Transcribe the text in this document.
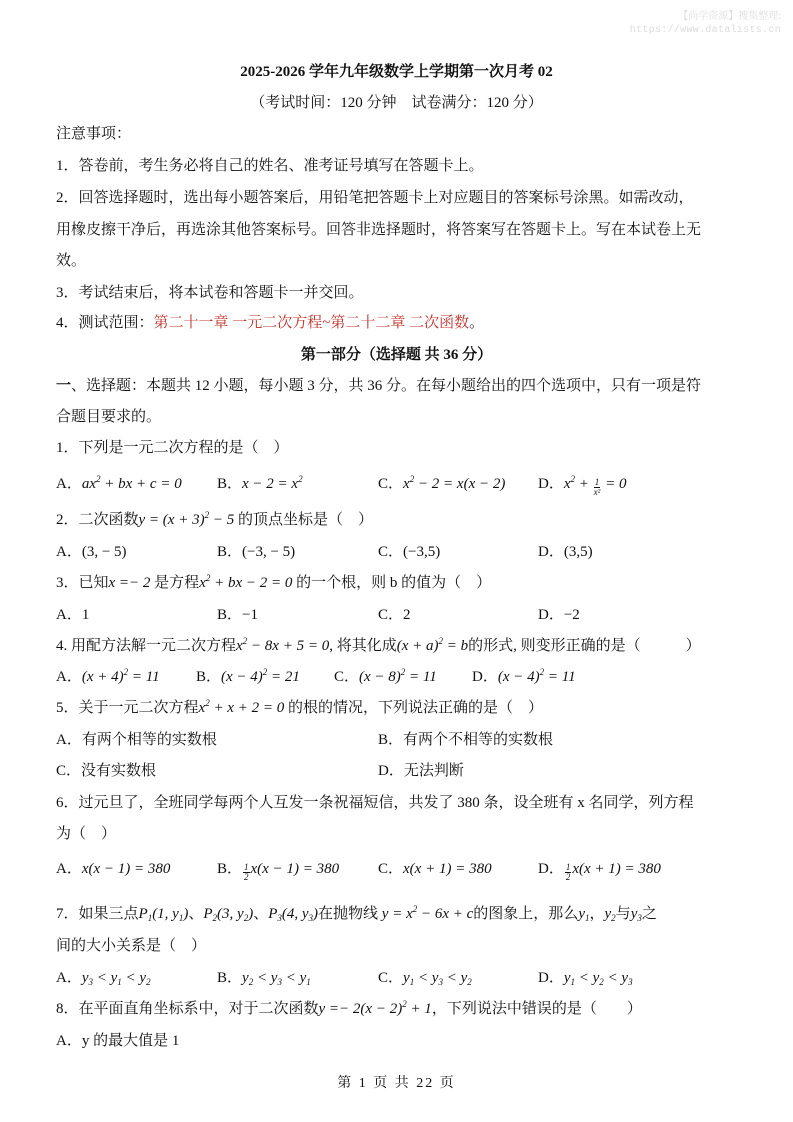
【尚学资源】搜集整理:
https://www.datalists.cn
2025-2026 学年九年级数学上学期第一次月考 02
（考试时间：120 分钟　试卷满分：120 分）
注意事项：
1．答卷前，考生务必将自己的姓名、准考证号填写在答题卡上。
2．回答选择题时，选出每小题答案后，用铅笔把答题卡上对应题目的答案标号涂黑。如需改动，
用橡皮擦干净后，再选涂其他答案标号。回答非选择题时，将答案写在答题卡上。写在本试卷上无
效。
3．考试结束后，将本试卷和答题卡一并交回。
4．测试范围：第二十一章 一元二次方程~第二十二章 二次函数。
第一部分（选择题 共 36 分）
一、选择题：本题共 12 小题，每小题 3 分，共 36 分。在每小题给出的四个选项中，只有一项是符
合题目要求的。
1．下列是一元二次方程的是（　）
A．$ax^2$ + bx + c = 0 B．$x - 2 = x^2$	C．$x^2 - 2 = x(x - 2)$ D．$x^2 + \frac{1}{\text{x²}} = 0$
2．二次函数$y = (x + 3)^2 - 5$ 的顶点坐标是（　）
A．(3, − 5)	B．(−3, − 5)	C．(−3,5)	D．(3,5)
3．已知x =− 2 是方程$x^2$ + bx − 2 = 0 的一个根，则 b 的值为（　）
A．1	B．−1	C．2	D．−2
4. 用配方法解一元二次方程$x^2 - 8x + 5 = 0$, 将其化成$(x + a)^2 = b$的形式, 则变形正确的是（　　　）
A．$(x + 4)^2 = 11$ B．$(x - 4)^2 = 21$ C．$(x - 8)^2 = 11$ D．$(x - 4)^2 = 11$
5．关于一元二次方程$x^2 + x + 2 = 0$ 的根的情况，下列说法正确的是（　）
A．有两个相等的实数根	B．有两个不相等的实数根
C．没有实数根	D．无法判断
6．过元旦了，全班同学每两个人互发一条祝福短信，共发了 380 条，设全班有 x 名同学，列方程
为（　）
A．x(x − 1) = 380	B． $\frac{1}{2} x(x - 1) = 380$	C．x(x + 1) = 380	D． $\frac{1}{2} x(x + 1) = 380$
7．如果三点$P_1(1$, $y_1$)、$P_2(3$, $y_2$)、$P_3(4$, $y_3$)在抛物线 $y = x^2 - 6x + c$的图象上，那么$y_1$，$y_2$与$y_3$之
间的大小关系是（　）
A．$y_3 < y_1 < y_2$	B．$y_2 < y_3 < y_1$	C．$y_1 < y_3 < y_2$	D．$y_1 < y_2 < y_3$
8．在平面直角坐标系中，对于二次函数$y =- 2(x - 2)^2 + 1$，下列说法中错误的是（　　）
A．y 的最大值是 1
第 1 页 共 22 页
